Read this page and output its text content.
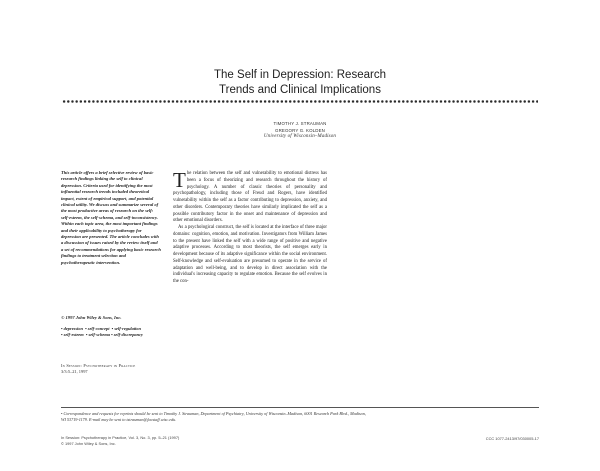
The Self in Depression: Research
Trends and Clinical Implications
TIMOTHY J. STRAUMAN
GREGORY G. KOLDEN
University of Wisconsin–Madison
This article offers a brief selective review of basic research findings linking the self to clinical depression. Criteria used for identifying the most influential research trends included theoretical impact, extent of empirical support, and potential clinical utility. We discuss and summarize several of the most productive areas of research on the self: self-esteem, the self-schema, and self-inconsistency. Within each topic area, the most important findings and their applicability to psychotherapy for depression are presented. The article concludes with a discussion of issues raised by the review itself and a set of recommendations for applying basic research findings to treatment selection and psychotherapeutic intervention.
© 1997 John Wiley & Sons, Inc.
• depression • self-concept • self-regulation • self-esteem • self-schema • self-discrepancy
In Session: Psychotherapy in Practice
3/3:5–21, 1997

The relation between the self and vulnerability to emotional distress has been a focus of theorizing and research throughout the history of psychology. A number of classic theories of personality and psychopathology, including those of Freud and Rogers, have identified vulnerability within the self as a factor contributing to depression, anxiety, and other disorders. Contemporary theories have similarly implicated the self as a possible contributory factor in the onset and maintenance of depression and other emotional disorders.

As a psychological construct, the self is located at the interface of three major domains: cognition, emotion, and motivation. Investigators from William James to the present have linked the self with a wide range of positive and negative adaptive processes. According to most theorists, the self emerges early in development because of its adaptive significance within the social environment. Self-knowledge and self-evaluation are presumed to operate in the service of adaptation and well-being, and to develop in direct association with the individual's increasing capacity to regulate emotion. Because the self evolves in the con-

• Correspondence and requests for reprints should be sent to Timothy J. Strauman, Department of Psychiatry, University of Wisconsin–Madison, 6001 Research Park Blvd., Madison, WI 53719-1179. E-mail may be sent to tstrauman@facstaff.wisc.edu.
In Session: Psychotherapy in Practice, Vol. 3, No. 3, pp. 5–21 (1997)
© 1997 John Wiley & Sons, Inc.
CCC 1077-2413/97/030005-17
